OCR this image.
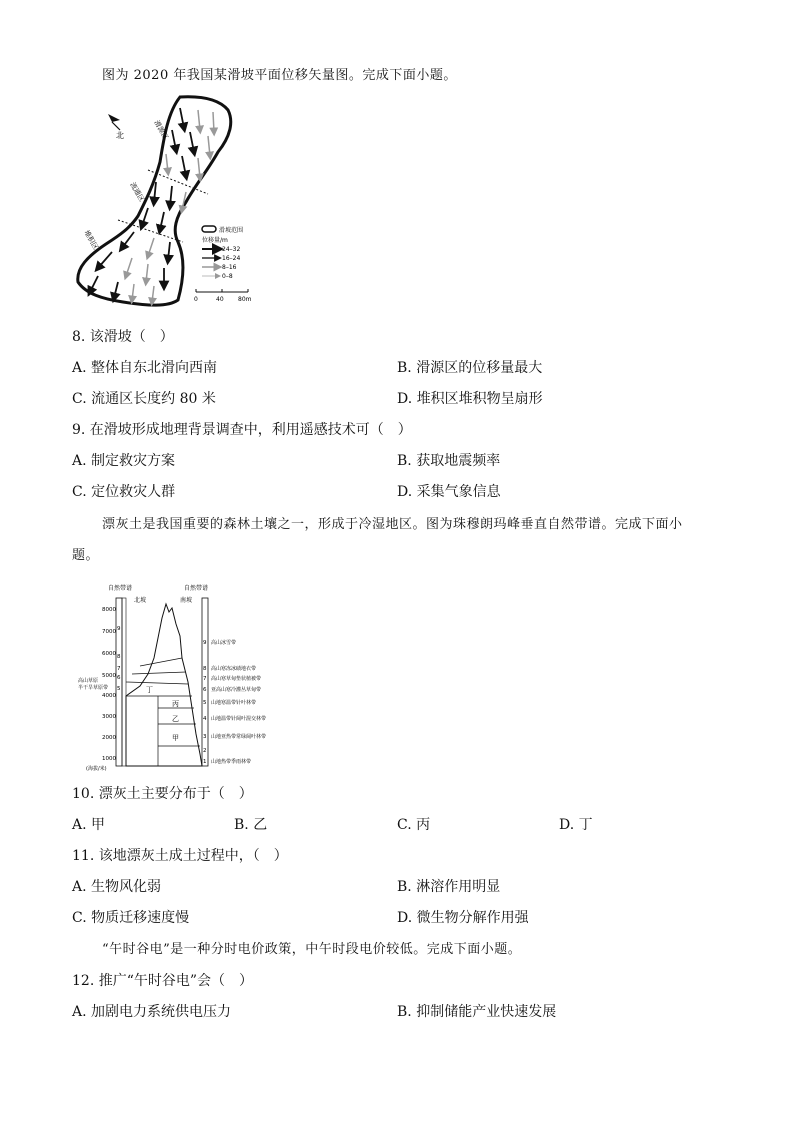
图为 2020 年我国某滑坡平面位移矢量图。完成下面小题。
北	滑源区
流通区
堆积区	滑坡范围
位移量/m
24–32
16–24
8–16
0–8
0	40 80m
8. 该滑坡（　）
A. 整体自东北滑向西南	B. 滑源区的位移量最大
C. 流通区长度约 80 米	D. 堆积区堆积物呈扇形
9. 在滑坡形成地理背景调查中，利用遥感技术可（　）
A. 制定救灾方案	B. 获取地震频率
C. 定位救灾人群	D. 采集气象信息
漂灰土是我国重要的森林土壤之一，形成于冷湿地区。图为珠穆朗玛峰垂直自然带谱。完成下面小
题。
自然带谱	自然带谱
北坡	南坡
8000
7000
6000
5000
4000
3000
2000
1000
(海拔/米)
高山草原
半干旱草原带
9
8
7
6
5	丁
丙
乙
甲
9
8
7
6
5
4
3
2
1
高山冰雪带
高山寒冻冰碛地衣带
高山寒草甸垫状植被带
亚高山寒冷灌丛草甸带
山地寒温带针叶林带
山地温带针阔叶混交林带
山地亚热带常绿阔叶林带
山地热带季雨林带
10. 漂灰土主要分布于（　）
A. 甲	B. 乙	C. 丙	D. 丁
11. 该地漂灰土成土过程中，（　）
A. 生物风化弱	B. 淋溶作用明显
C. 物质迁移速度慢	D. 微生物分解作用强
“午时谷电”是一种分时电价政策，中午时段电价较低。完成下面小题。
12. 推广“午时谷电”会（　）
A. 加剧电力系统供电压力	B. 抑制储能产业快速发展
